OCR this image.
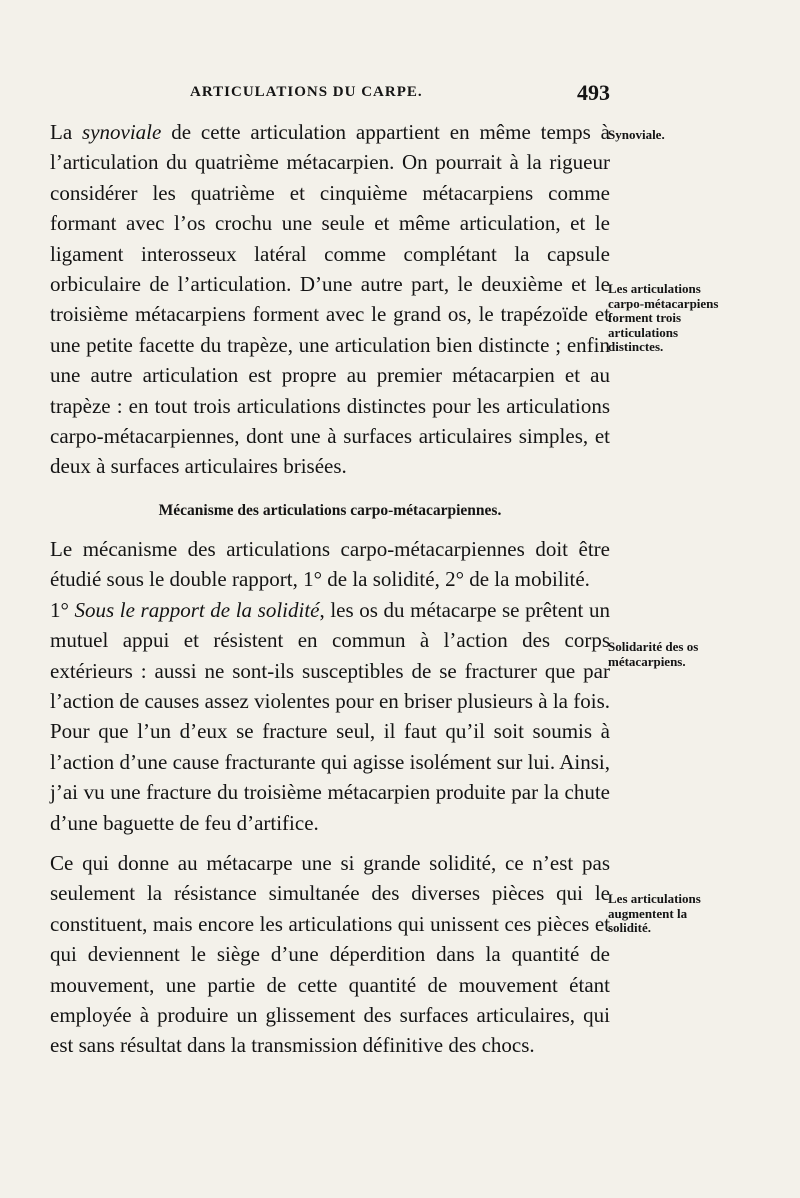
ARTICULATIONS DU CARPE.	493

La synoviale de cette articulation appartient en même temps à l’articulation du quatrième métacarpien. On pourrait à la rigueur considérer les quatrième et cinquième métacarpiens comme formant avec l’os crochu une seule et même articulation, et le ligament interosseux latéral comme complétant la capsule orbiculaire de l’articulation. D’une autre part, le deuxième et le troisième métacarpiens forment avec le grand os, le trapézoïde et une petite facette du trapèze, une articulation bien distincte ; enfin une autre articulation est propre au premier métacarpien et au trapèze : en tout trois articulations distinctes pour les articulations carpo-métacarpiennes, dont une à surfaces articulaires simples, et deux à surfaces articulaires brisées.

Mécanisme des articulations carpo-métacarpiennes.

Le mécanisme des articulations carpo-métacarpiennes doit être étudié sous le double rapport, 1° de la solidité, 2° de la mobilité.

1° Sous le rapport de la solidité, les os du métacarpe se prêtent un mutuel appui et résistent en commun à l’action des corps extérieurs : aussi ne sont-ils susceptibles de se fracturer que par l’action de causes assez violentes pour en briser plusieurs à la fois. Pour que l’un d’eux se fracture seul, il faut qu’il soit soumis à l’action d’une cause fracturante qui agisse isolément sur lui. Ainsi, j’ai vu une fracture du troisième métacarpien produite par la chute d’une baguette de feu d’artifice.

Ce qui donne au métacarpe une si grande solidité, ce n’est pas seulement la résistance simultanée des diverses pièces qui le constituent, mais encore les articulations qui unissent ces pièces et qui deviennent le siège d’une déperdition dans la quantité de mouvement, une partie de cette quantité de mouvement étant employée à produire un glissement des surfaces articulaires, qui est sans résultat dans la transmission définitive des chocs.

Synoviale.
Les articulations carpo-métacarpiens forment trois articulations distinctes.
Solidarité des os métacarpiens.
Les articulations augmentent la solidité.
